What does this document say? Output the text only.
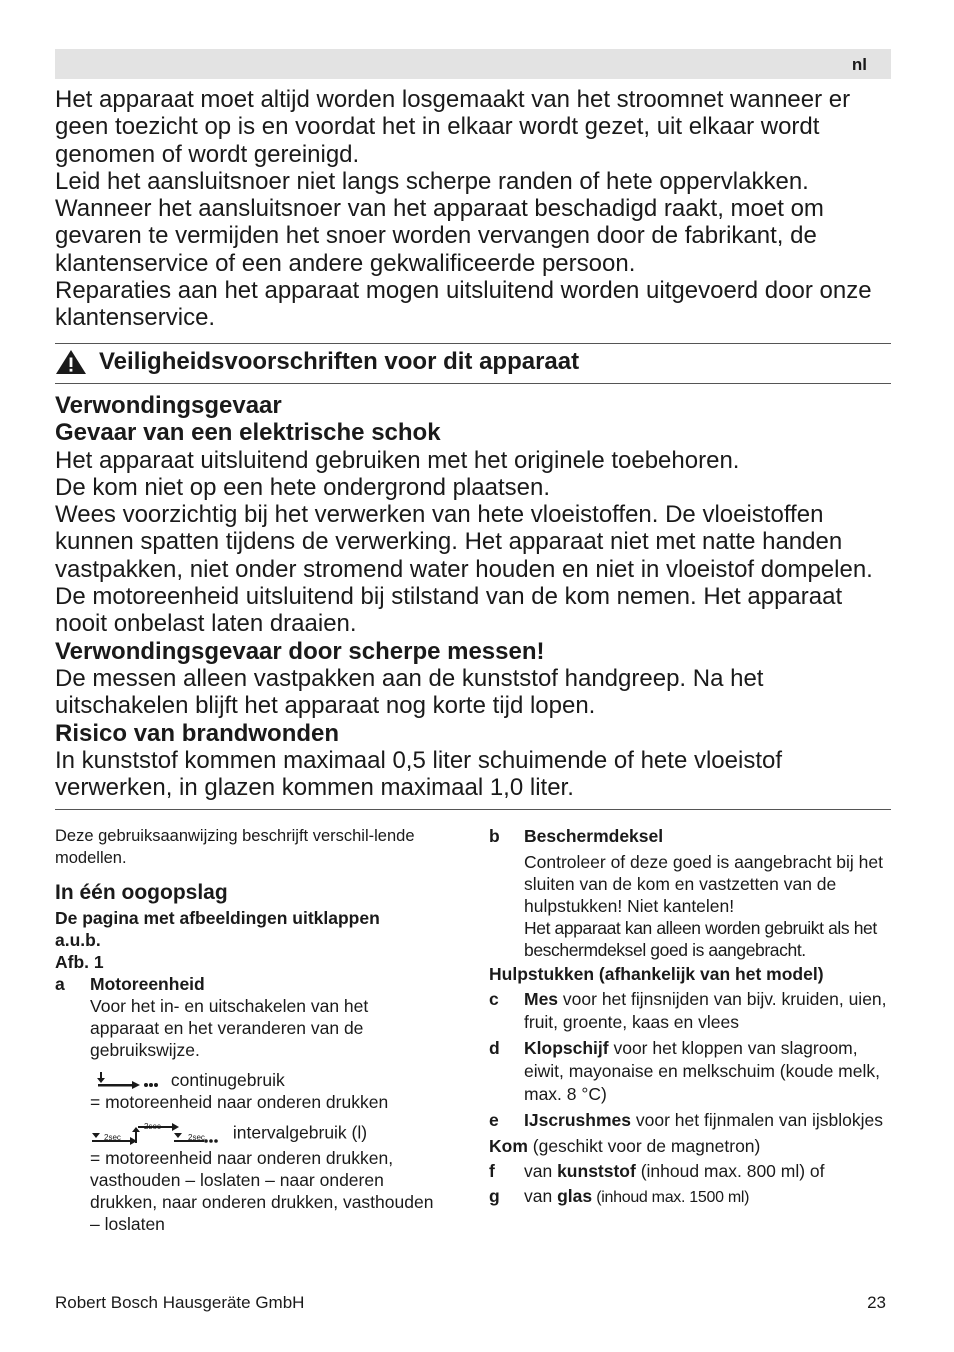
nl

Het apparaat moet altijd worden losgemaakt van het stroomnet wanneer er geen toezicht op is en voordat het in elkaar wordt gezet, uit elkaar wordt genomen of wordt gereinigd.

Leid het aansluitsnoer niet langs scherpe randen of hete oppervlakken. Wanneer het aansluitsnoer van het apparaat beschadigd raakt, moet om gevaren te vermijden het snoer worden vervangen door de fabrikant, de klantenservice of een andere gekwalificeerde persoon.

Reparaties aan het apparaat mogen uitsluitend worden uitgevoerd door onze klantenservice.

Veiligheidsvoorschriften voor dit apparaat

Verwondingsgevaar

Gevaar van een elektrische schok

Het apparaat uitsluitend gebruiken met het originele toebehoren.

De kom niet op een hete ondergrond plaatsen.

Wees voorzichtig bij het verwerken van hete vloeistoffen. De vloeistoffen kunnen spatten tijdens de verwerking. Het apparaat niet met natte handen vastpakken, niet onder stromend water houden en niet in vloeistof dompelen. De motoreenheid uitsluitend bij stilstand van de kom nemen. Het apparaat nooit onbelast laten draaien.

Verwondingsgevaar door scherpe messen!

De messen alleen vastpakken aan de kunststof handgreep. Na het uitschakelen blijft het apparaat nog korte tijd lopen.

Risico van brandwonden

In kunststof kommen maximaal 0,5 liter schuimende of hete vloeistof verwerken, in glazen kommen maximaal 1,0 liter.

Deze gebruiksaanwijzing beschrijft verschil-lende modellen.

In één oogopslag

De pagina met afbeeldingen uitklappen

a.u.b.

Afb. 1

a	Motoreenheid

Voor het in- en uitschakelen van het apparaat en het veranderen van de gebruikswijze.

continugebruik

= motoreenheid naar onderen drukken

2sec
2sec
2sec intervalgebruik (l)

= motoreenheid naar onderen drukken, vasthouden – loslaten – naar onderen drukken, naar onderen drukken, vasthouden – loslaten

b	Beschermdeksel

Controleer of deze goed is aangebracht bij het sluiten van de kom en vastzetten van de hulpstukken! Niet kantelen!

Het apparaat kan alleen worden gebruikt als het beschermdeksel goed is aangebracht.

Hulpstukken (afhankelijk van het model)

c	Mes voor het fijnsnijden van bijv. kruiden, uien, fruit, groente, kaas en vlees

d	Klopschijf voor het kloppen van slagroom, eiwit, mayonaise en melkschuim (koude melk, max. 8 °C)

e	IJscrushmes voor het fijnmalen van ijsblokjes

Kom (geschikt voor de magnetron)

f	van kunststof (inhoud max. 800 ml) of

g	van glas (inhoud max. 1500 ml)

Robert Bosch Hausgeräte GmbH	23
